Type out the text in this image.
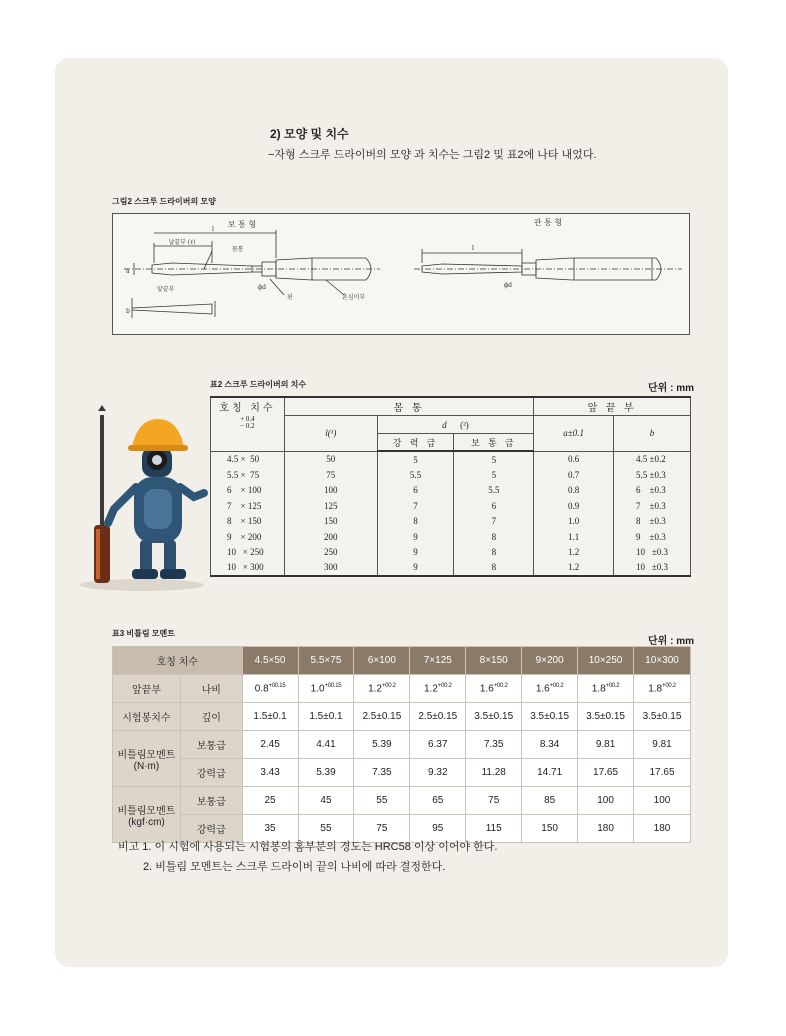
2) 모양 및 치수
−자형 스크루 드라이버의 모양 과 치수는 그림2 및 표2에 나타 내었다.
그림2 스크루 드라이버의 모양
보 통 형	관 통 형
날끝부 (ℓ)
몸통
l
앞끝부
a
b
ϕd
핀	혼심이부
l
ϕd
표2 스크루 드라이버의 치수	단위 : mm
호칭 치수	몸 통			앞 끝 부	
+ 0.4
− 0.2	l(¹)	d (²)		a±0.1	b
		강 력 급	보 통 급		
4.5 ×  50	50	5	5	0.6	4.5 ±0.2
5.5 ×  75	75	5.5	5	0.7	5.5 ±0.3
6    × 100	100	6	5.5	0.8	6    ±0.3
7    × 125	125	7	6	0.9	7    ±0.3
8    × 150	150	8	7	1.0	8    ±0.3
9    × 200	200	9	8	1.1	9    ±0.3
10   × 250	250	9	8	1.2	10   ±0.3
10   × 300	300	9	8	1.2	10   ±0.3
표3 비틀림 모멘트
단위 : mm
호칭 치수		4.5×50	5.5×75	6×100	7×125	8×150	9×200	10×250	10×300
앞끝부	나비	$0.8^{+00.15}$	$1.0^{+00.15}$	$1.2^{+00.2}$	$1.2^{+00.2}$	$1.6^{+00.2}$	$1.6^{+00.2}$	$1.8^{+00.2}$	$1.8^{+00.2}$
시험봉치수	깊이	1.5±0.1	1.5±0.1	2.5±0.15	2.5±0.15	3.5±0.15	3.5±0.15	3.5±0.15	3.5±0.15
비틀림모멘트
(N·m)	보통급	2.45	4.41	5.39	6.37	7.35	8.34	9.81	9.81
	강력급	3.43	5.39	7.35	9.32	11.28	14.71	17.65	17.65
비틀림모멘트
(kgf·cm)	보통급	25	45	55	65	75	85	100	100
	강력급	35	55	75	95	115	150	180	180
비고 1. 이 시험에 사용되는 시험봉의 홈부분의 경도는 HRC58 이상 이어야 한다.
2. 비틀림 모멘트는 스크루 드라이버 끝의 나비에 따라 결정한다.
